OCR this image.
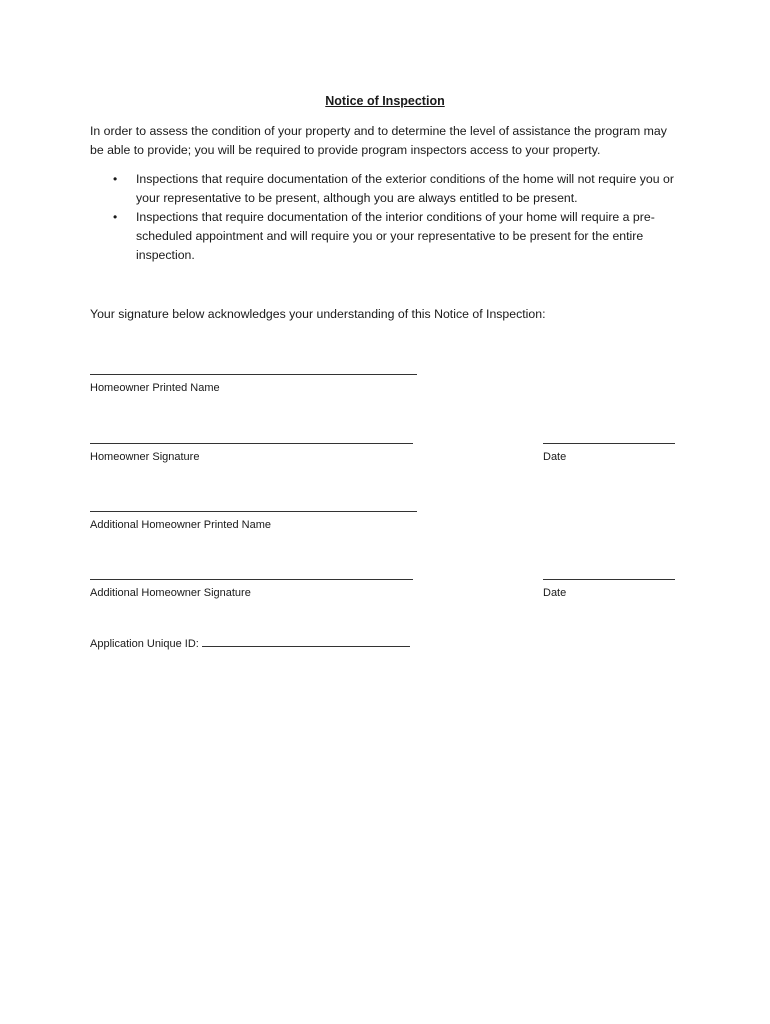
Notice of Inspection
In order to assess the condition of your property and to determine the level of assistance the program may be able to provide; you will be required to provide program inspectors access to your property.
• Inspections that require documentation of the exterior conditions of the home will not require you or your representative to be present, although you are always entitled to be present.
• Inspections that require documentation of the interior conditions of your home will require a pre-scheduled appointment and will require you or your representative to be present for the entire inspection.
Your signature below acknowledges your understanding of this Notice of Inspection:
Homeowner Printed Name
Homeowner Signature	Date
Additional Homeowner Printed Name
Additional Homeowner Signature	Date
Application Unique ID:
